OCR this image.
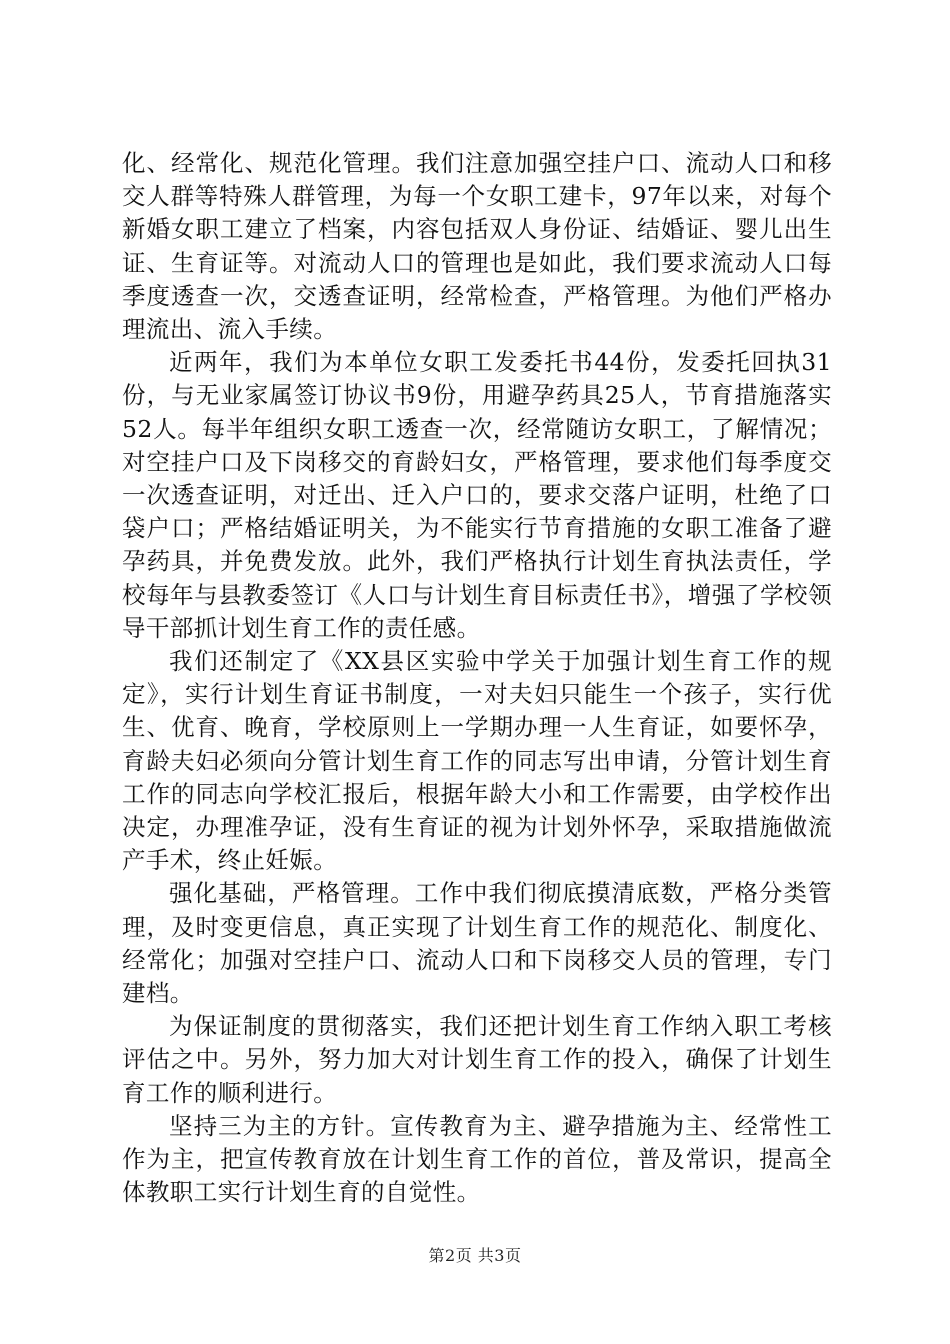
化、经常化、规范化管理。我们注意加强空挂户口、流动人口和移交人群等特殊人群管理，为每一个女职工建卡，97年以来，对每个新婚女职工建立了档案，内容包括双人身份证、结婚证、婴儿出生证、生育证等。对流动人口的管理也是如此，我们要求流动人口每季度透查一次，交透查证明，经常检查，严格管理。为他们严格办理流出、流入手续。

近两年，我们为本单位女职工发委托书44份，发委托回执31份，与无业家属签订协议书9份，用避孕药具25人，节育措施落实52人。每半年组织女职工透查一次，经常随访女职工，了解情况；对空挂户口及下岗移交的育龄妇女，严格管理，要求他们每季度交一次透查证明，对迁出、迁入户口的，要求交落户证明，杜绝了口袋户口；严格结婚证明关，为不能实行节育措施的女职工准备了避孕药具，并免费发放。此外，我们严格执行计划生育执法责任，学校每年与县教委签订《人口与计划生育目标责任书》，增强了学校领导干部抓计划生育工作的责任感。

我们还制定了《XX县区实验中学关于加强计划生育工作的规定》，实行计划生育证书制度，一对夫妇只能生一个孩子，实行优生、优育、晚育，学校原则上一学期办理一人生育证，如要怀孕，育龄夫妇必须向分管计划生育工作的同志写出申请，分管计划生育工作的同志向学校汇报后，根据年龄大小和工作需要，由学校作出决定，办理准孕证，没有生育证的视为计划外怀孕，采取措施做流产手术，终止妊娠。

强化基础，严格管理。工作中我们彻底摸清底数，严格分类管理，及时变更信息，真正实现了计划生育工作的规范化、制度化、经常化；加强对空挂户口、流动人口和下岗移交人员的管理，专门建档。

为保证制度的贯彻落实，我们还把计划生育工作纳入职工考核评估之中。另外，努力加大对计划生育工作的投入，确保了计划生育工作的顺利进行。

坚持三为主的方针。宣传教育为主、避孕措施为主、经常性工作为主，把宣传教育放在计划生育工作的首位，普及常识，提高全体教职工实行计划生育的自觉性。

第2页 共3页
